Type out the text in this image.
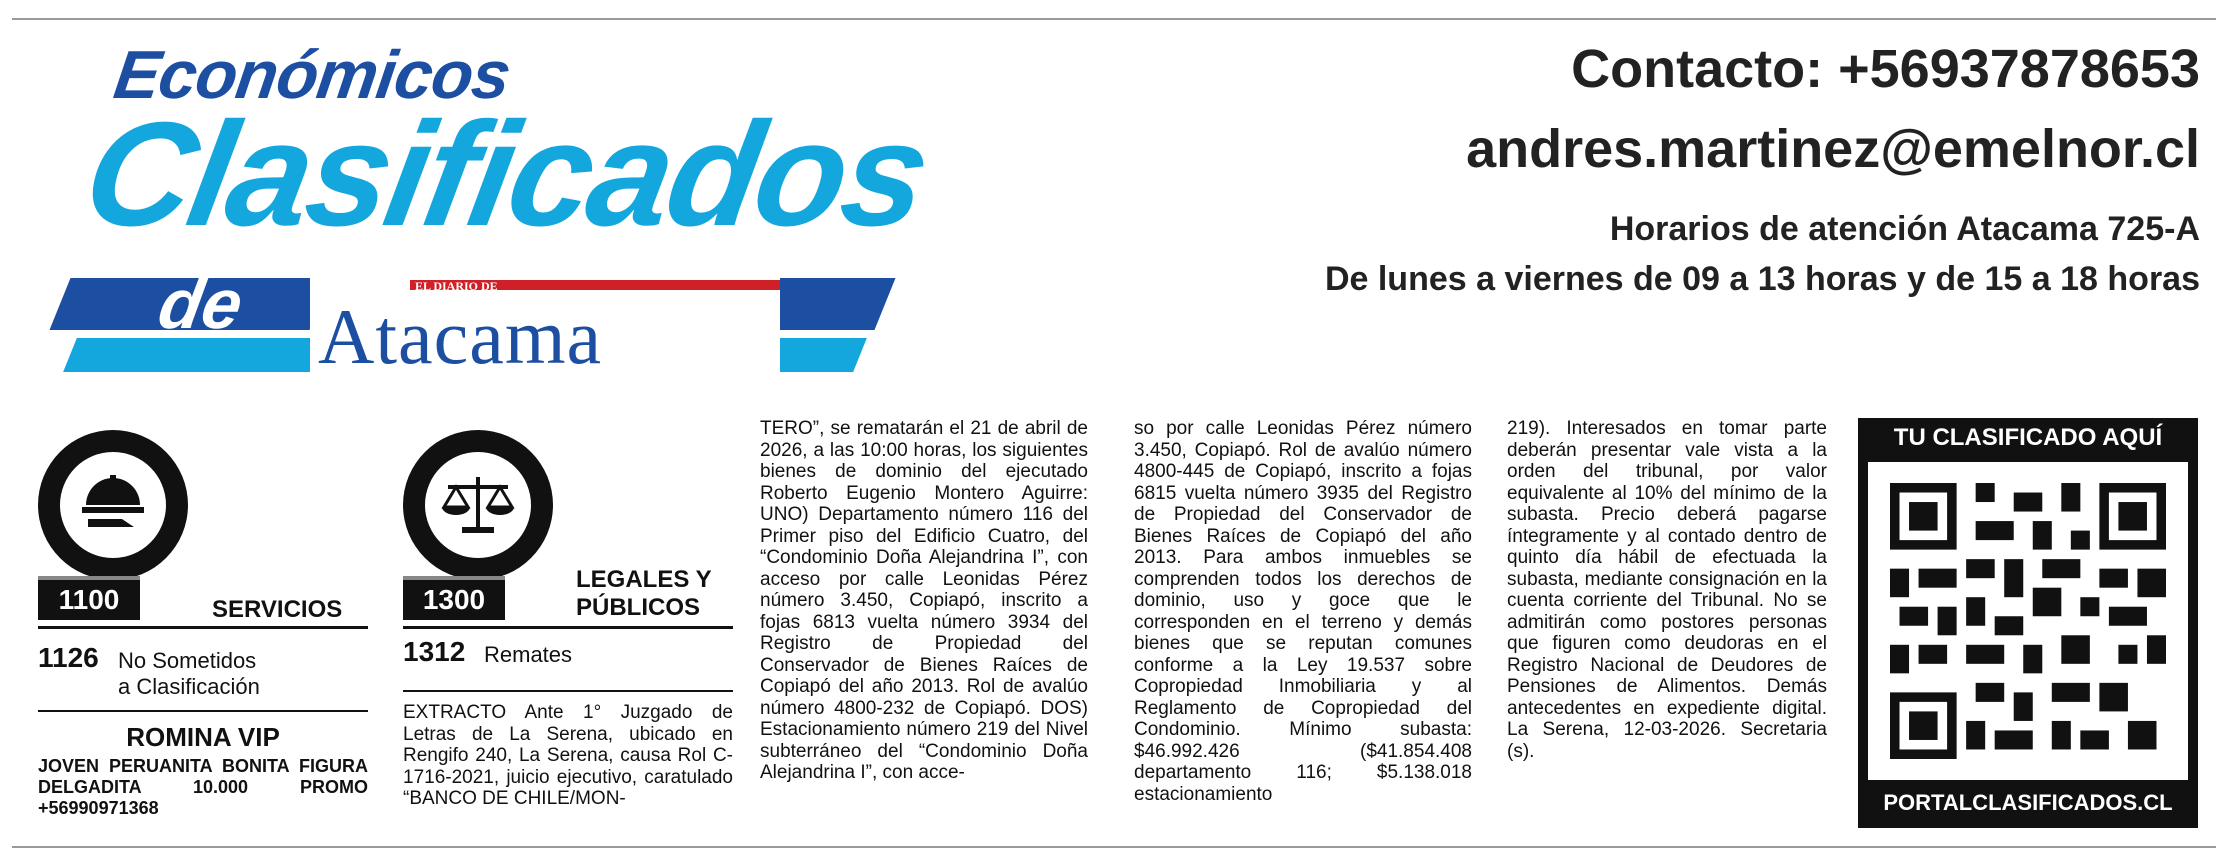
Económicos
Clasificados
de	EL DIARIO DE
Atacama
Contacto: +56937878653
andres.martinez@emelnor.cl
Horarios de atención Atacama 725-A
De lunes a viernes de 09 a 13 horas y de 15 a 18 horas
1100	SERVICIOS
1126 No Sometidos
a Clasificación
ROMINA VIP
JOVEN PERUANITA BONITA FIGURA DELGADITA 10.000 PROMO +56990971368
1300
LEGALES Y
PÚBLICOS
1312 Remates
EXTRACTO Ante 1° Juzgado de Letras de La Serena, ubicado en Rengifo 240, La Serena, causa Rol C-1716-2021, juicio ejecutivo, caratulado “BANCO DE CHILE/MON-
TERO”, se rematarán el 21 de abril de 2026, a las 10:00 horas, los siguientes bienes de dominio del ejecutado Roberto Eugenio Montero Aguirre: UNO) Departamento número 116 del Primer piso del Edificio Cuatro, del “Condominio Doña Alejandrina I”, con acceso por calle Leonidas Pérez número 3.450, Copiapó, inscrito a fojas 6813 vuelta número 3934 del Registro de Propiedad del Conservador de Bienes Raíces de Copiapó del año 2013. Rol de avalúo número 4800-232 de Copiapó. DOS) Estacionamiento número 219 del Nivel subterráneo del “Condominio Doña Alejandrina I”, con acce-
so por calle Leonidas Pérez número 3.450, Copiapó. Rol de avalúo número 4800-445 de Copiapó, inscrito a fojas 6815 vuelta número 3935 del Registro de Propiedad del Conservador de Bienes Raíces de Copiapó del año 2013. Para ambos inmuebles se comprenden todos los derechos de dominio, uso y goce que le corresponden en el terreno y demás bienes que se reputan comunes conforme a la Ley 19.537 sobre Copropiedad Inmobiliaria y al Reglamento de Copropiedad del Condominio. Mínimo subasta: $46.992.426 ($41.854.408 departamento 116; $5.138.018 estacionamiento
219). Interesados en tomar parte deberán presentar vale vista a la orden del tribunal, por valor equivalente al 10% del mínimo de la subasta. Precio deberá pagarse íntegramente y al contado dentro de quinto día hábil de efectuada la subasta, mediante consignación en la cuenta corriente del Tribunal. No se admitirán como postores personas que figuren como deudoras en el Registro Nacional de Deudores de Pensiones de Alimentos. Demás antecedentes en expediente digital. La Serena, 12-03-2026. Secretaria (s).
TU CLASIFICADO AQUÍ
PORTALCLASIFICADOS.CL
